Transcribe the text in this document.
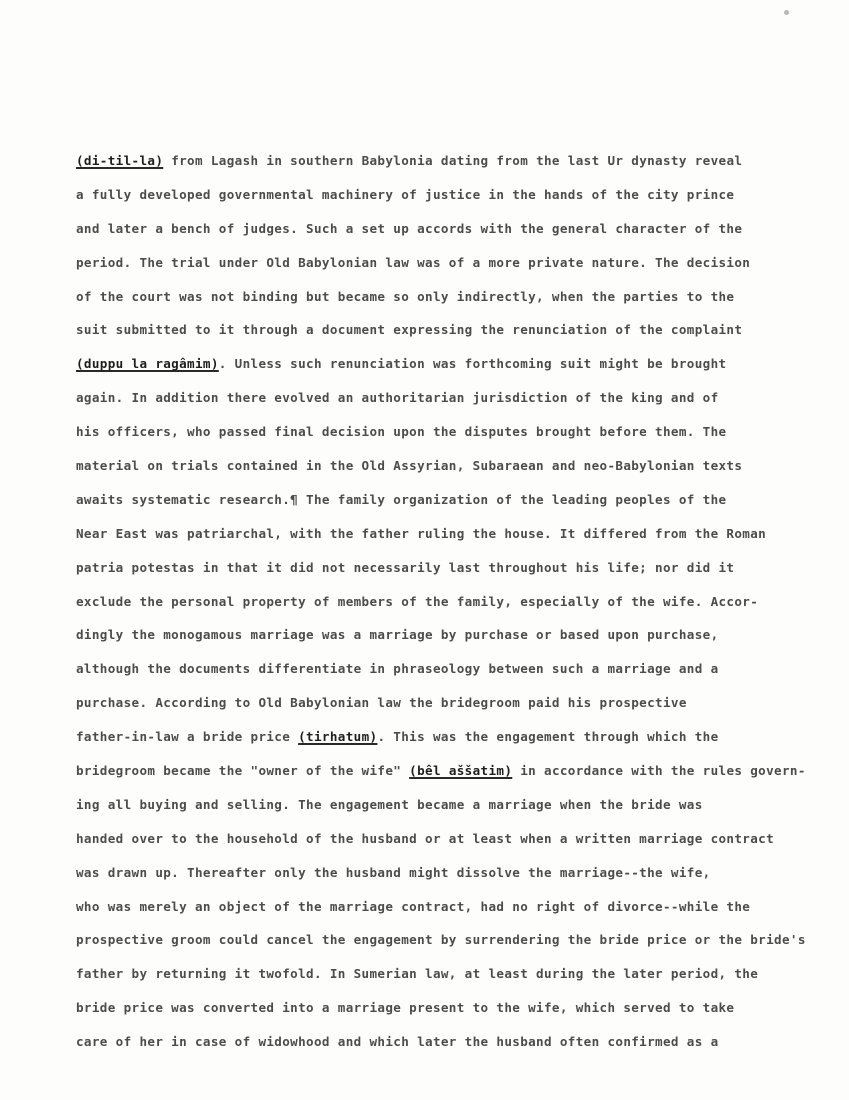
(di-til-la) from Lagash in southern Babylonia dating from the last Ur dynasty reveal
a fully developed governmental machinery of justice in the hands of the city prince
and later a bench of judges. Such a set up accords with the general character of the
period. The trial under Old Babylonian law was of a more private nature. The decision
of the court was not binding but became so only indirectly, when the parties to the
suit submitted to it through a document expressing the renunciation of the complaint
(duppu la ragâmim). Unless such renunciation was forthcoming suit might be brought
again. In addition there evolved an authoritarian jurisdiction of the king and of
his officers, who passed final decision upon the disputes brought before them. The
material on trials contained in the Old Assyrian, Subaraean and neo-Babylonian texts
awaits systematic research.¶ The family organization of the leading peoples of the
Near East was patriarchal, with the father ruling the house. It differed from the Roman
patria potestas in that it did not necessarily last throughout his life; nor did it
exclude the personal property of members of the family, especially of the wife. Accor-
dingly the monogamous marriage was a marriage by purchase or based upon purchase,
although the documents differentiate in phraseology between such a marriage and a
purchase. According to Old Babylonian law the bridegroom paid his prospective
father-in-law a bride price (tirhatum). This was the engagement through which the
bridegroom became the "owner of the wife" (bêl aššatim) in accordance with the rules govern-
ing all buying and selling. The engagement became a marriage when the bride was
handed over to the household of the husband or at least when a written marriage contract
was drawn up. Thereafter only the husband might dissolve the marriage--the wife,
who was merely an object of the marriage contract, had no right of divorce--while the
prospective groom could cancel the engagement by surrendering the bride price or the bride's
father by returning it twofold. In Sumerian law, at least during the later period, the
bride price was converted into a marriage present to the wife, which served to take
care of her in case of widowhood and which later the husband often confirmed as a
